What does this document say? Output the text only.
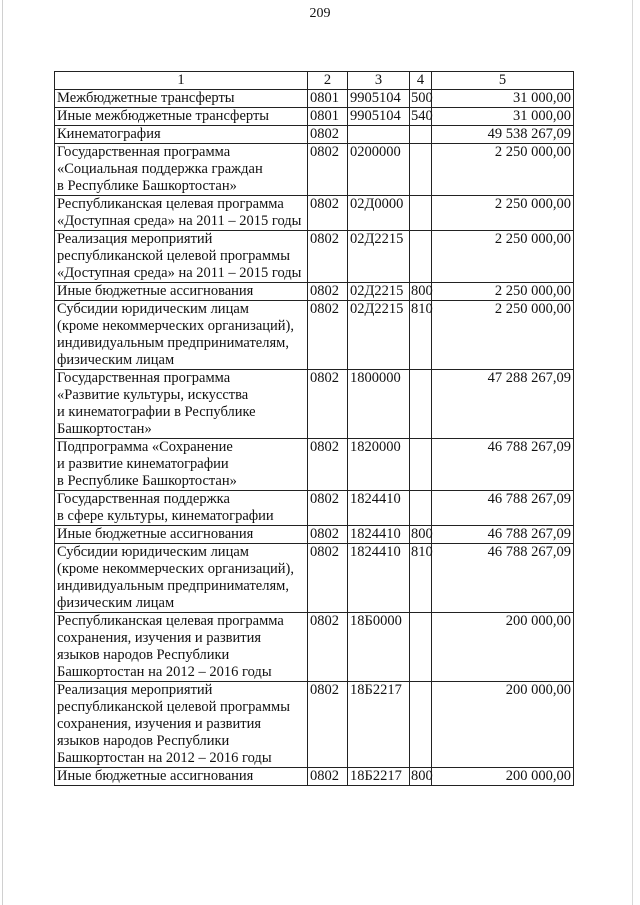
209
1	2	3	4	5
Межбюджетные трансферты	0801	9905104	500	31 000,00
Иные межбюджетные трансферты	0801	9905104	540	31 000,00
Кинематография	0802			49 538 267,09
Государственная программа
«Социальная поддержка граждан
в Республике Башкортостан»	0802	0200000		2 250 000,00
Республиканская целевая программа
«Доступная среда» на 2011 – 2015 годы	0802	02Д0000		2 250 000,00
Реализация мероприятий
республиканской целевой программы
«Доступная среда» на 2011 – 2015 годы	0802	02Д2215		2 250 000,00
Иные бюджетные ассигнования	0802	02Д2215	800	2 250 000,00
Субсидии юридическим лицам
(кроме некоммерческих организаций),
индивидуальным предпринимателям,
физическим лицам	0802	02Д2215	810	2 250 000,00
Государственная программа
«Развитие культуры, искусства
и кинематографии в Республике
Башкортостан»	0802	1800000		47 288 267,09
Подпрограмма «Сохранение
и развитие кинематографии
в Республике Башкортостан»	0802	1820000		46 788 267,09
Государственная поддержка
в сфере культуры, кинематографии	0802	1824410		46 788 267,09
Иные бюджетные ассигнования	0802	1824410	800	46 788 267,09
Субсидии юридическим лицам
(кроме некоммерческих организаций),
индивидуальным предпринимателям,
физическим лицам	0802	1824410	810	46 788 267,09
Республиканская целевая программа
сохранения, изучения и развития
языков народов Республики
Башкортостан на 2012 – 2016 годы	0802	18Б0000		200 000,00
Реализация мероприятий
республиканской целевой программы
сохранения, изучения и развития
языков народов Республики
Башкортостан на 2012 – 2016 годы	0802	18Б2217		200 000,00
Иные бюджетные ассигнования	0802	18Б2217	800	200 000,00
